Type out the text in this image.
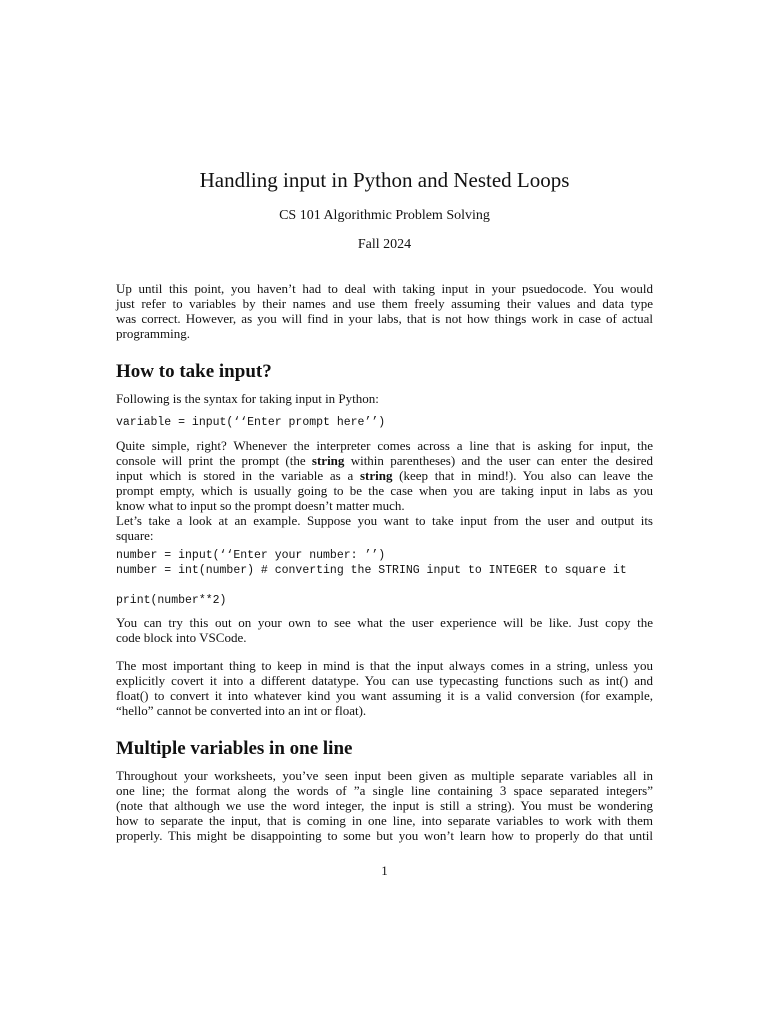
Handling input in Python and Nested Loops
CS 101 Algorithmic Problem Solving
Fall 2024
Up until this point, you haven’t had to deal with taking input in your psuedocode. You would
just refer to variables by their names and use them freely assuming their values and data type
was correct. However, as you will find in your labs, that is not how things work in case of actual
programming.
How to take input?
Following is the syntax for taking input in Python:
variable = input(‘‘Enter prompt here’’)
Quite simple, right? Whenever the interpreter comes across a line that is asking for input, the
console will print the prompt (the string within parentheses) and the user can enter the desired
input which is stored in the variable as a string (keep that in mind!). You also can leave the
prompt empty, which is usually going to be the case when you are taking input in labs as you
know what to input so the prompt doesn’t matter much.
Let’s take a look at an example. Suppose you want to take input from the user and output its
square:
number = input(‘‘Enter your number: ’’)
number = int(number) # converting the STRING input to INTEGER to square it

print(number**2)
You can try this out on your own to see what the user experience will be like. Just copy the
code block into VSCode.
The most important thing to keep in mind is that the input always comes in a string, unless you
explicitly covert it into a different datatype. You can use typecasting functions such as int() and
float() to convert it into whatever kind you want assuming it is a valid conversion (for example,
“hello” cannot be converted into an int or float).
Multiple variables in one line
Throughout your worksheets, you’ve seen input been given as multiple separate variables all in
one line; the format along the words of ”a single line containing 3 space separated integers”
(note that although we use the word integer, the input is still a string). You must be wondering
how to separate the input, that is coming in one line, into separate variables to work with them
properly. This might be disappointing to some but you won’t learn how to properly do that until
1
